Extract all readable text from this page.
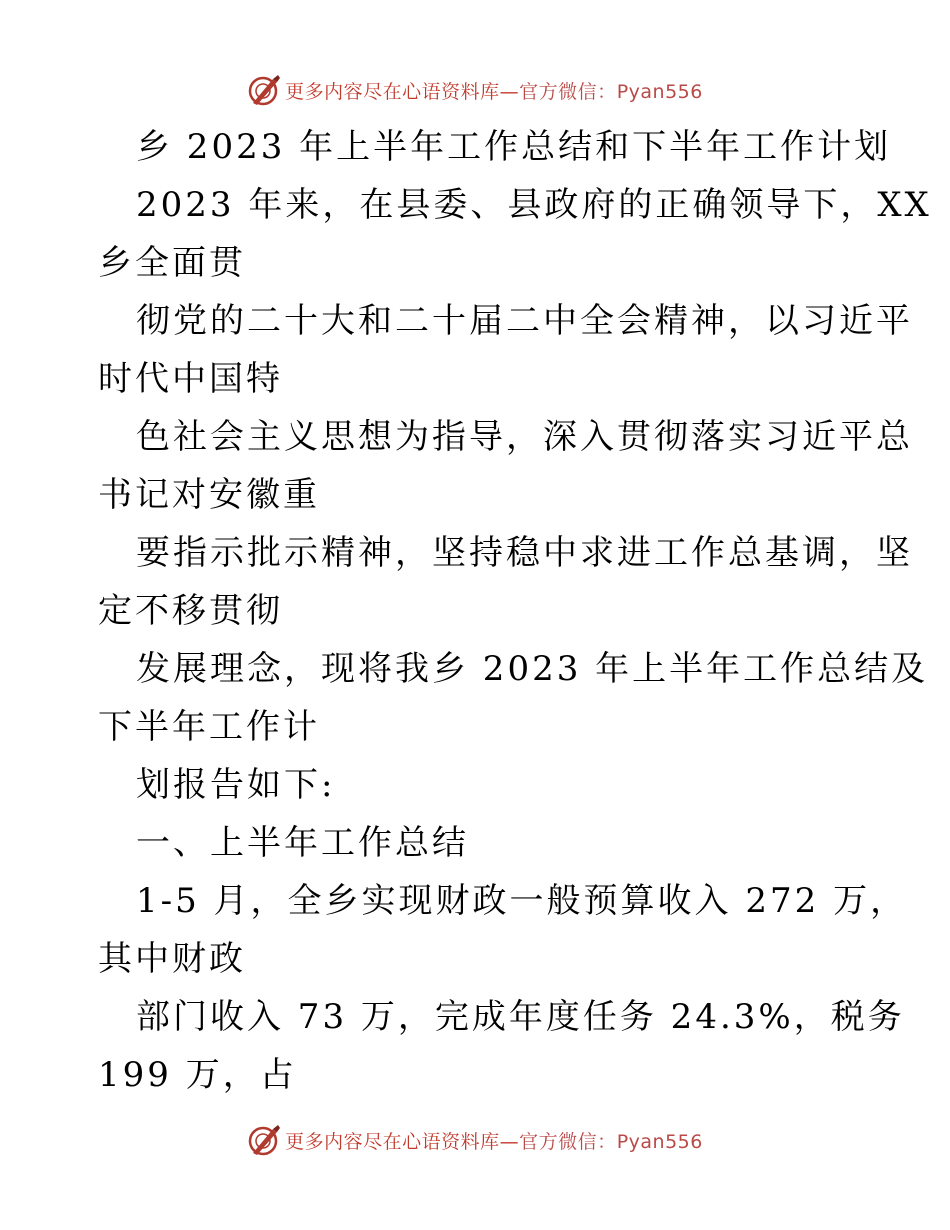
更多内容尽在心语资料库—官方微信：Pyan556
乡 2023 年上半年工作总结和下半年工作计划
2023 年来，在县委、县政府的正确领导下，XX
乡全面贯
彻党的二十大和二十届二中全会精神，以习近平
时代中国特
色社会主义思想为指导，深入贯彻落实习近平总
书记对安徽重
要指示批示精神，坚持稳中求进工作总基调，坚
定不移贯彻
发展理念，现将我乡 2023 年上半年工作总结及
下半年工作计
划报告如下:
一、上半年工作总结
1-5 月，全乡实现财政一般预算收入 272 万，
其中财政
部门收入 73 万，完成年度任务 24.3%，税务
199 万，占
更多内容尽在心语资料库—官方微信：Pyan556
